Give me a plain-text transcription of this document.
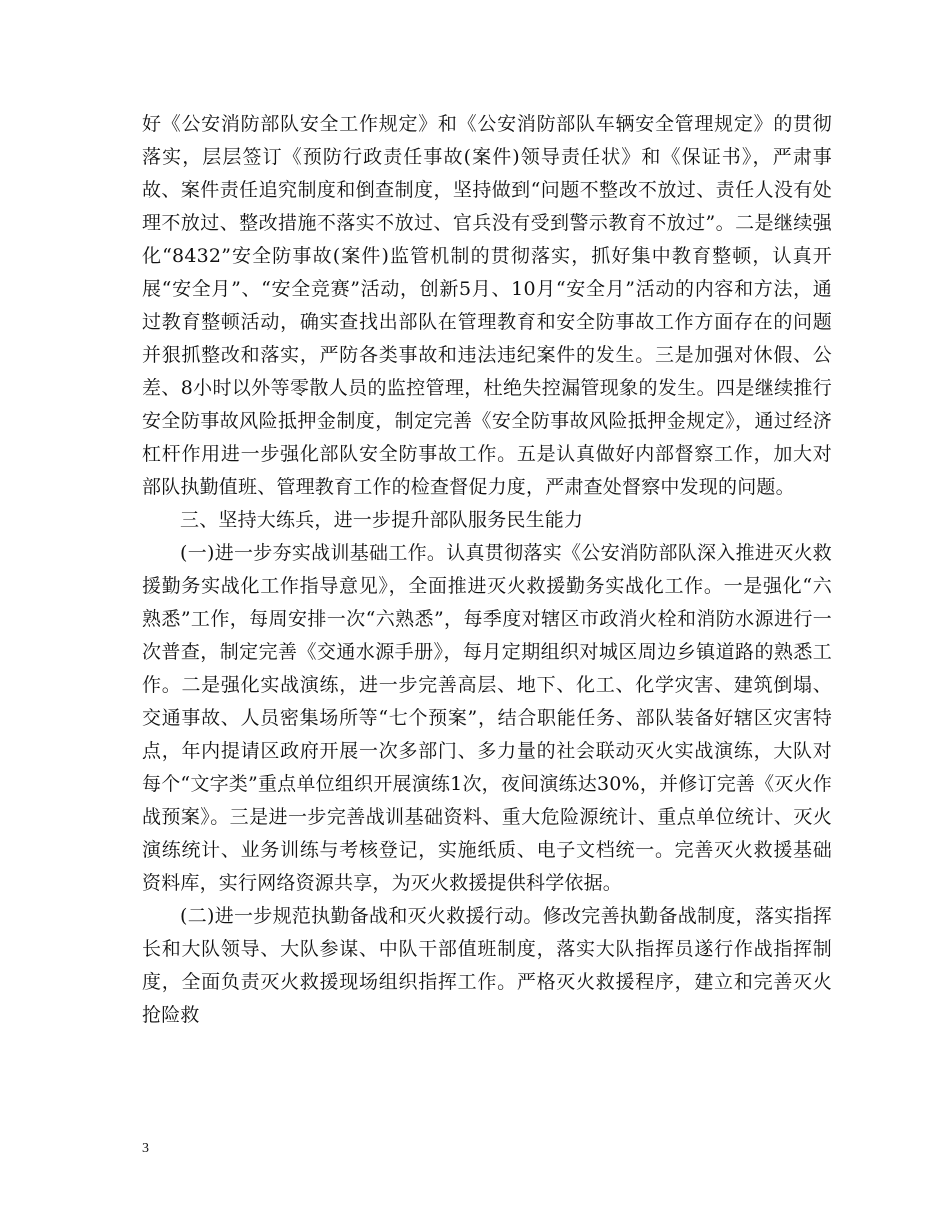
好《公安消防部队安全工作规定》和《公安消防部队车辆安全管理规定》的贯彻落实，层层签订《预防行政责任事故(案件)领导责任状》和《保证书》，严肃事故、案件责任追究制度和倒查制度，坚持做到“问题不整改不放过、责任人没有处理不放过、整改措施不落实不放过、官兵没有受到警示教育不放过”。二是继续强化“8432”安全防事故(案件)监管机制的贯彻落实，抓好集中教育整顿，认真开展“安全月”、“安全竞赛”活动，创新5月、10月“安全月”活动的内容和方法，通过教育整顿活动，确实查找出部队在管理教育和安全防事故工作方面存在的问题并狠抓整改和落实，严防各类事故和违法违纪案件的发生。三是加强对休假、公差、8小时以外等零散人员的监控管理，杜绝失控漏管现象的发生。四是继续推行安全防事故风险抵押金制度，制定完善《安全防事故风险抵押金规定》，通过经济杠杆作用进一步强化部队安全防事故工作。五是认真做好内部督察工作，加大对部队执勤值班、管理教育工作的检查督促力度，严肃查处督察中发现的问题。

三、坚持大练兵，进一步提升部队服务民生能力

(一)进一步夯实战训基础工作。认真贯彻落实《公安消防部队深入推进灭火救援勤务实战化工作指导意见》，全面推进灭火救援勤务实战化工作。一是强化“六熟悉”工作，每周安排一次“六熟悉”，每季度对辖区市政消火栓和消防水源进行一次普查，制定完善《交通水源手册》，每月定期组织对城区周边乡镇道路的熟悉工作。二是强化实战演练，进一步完善高层、地下、化工、化学灾害、建筑倒塌、交通事故、人员密集场所等“七个预案”，结合职能任务、部队装备好辖区灾害特点，年内提请区政府开展一次多部门、多力量的社会联动灭火实战演练，大队对每个“文字类”重点单位组织开展演练1次，夜间演练达30%，并修订完善《灭火作战预案》。三是进一步完善战训基础资料、重大危险源统计、重点单位统计、灭火演练统计、业务训练与考核登记，实施纸质、电子文档统一。完善灭火救援基础资料库，实行网络资源共享，为灭火救援提供科学依据。

(二)进一步规范执勤备战和灭火救援行动。修改完善执勤备战制度，落实指挥长和大队领导、大队参谋、中队干部值班制度，落实大队指挥员遂行作战指挥制度，全面负责灭火救援现场组织指挥工作。严格灭火救援程序，建立和完善灭火抢险救

3
